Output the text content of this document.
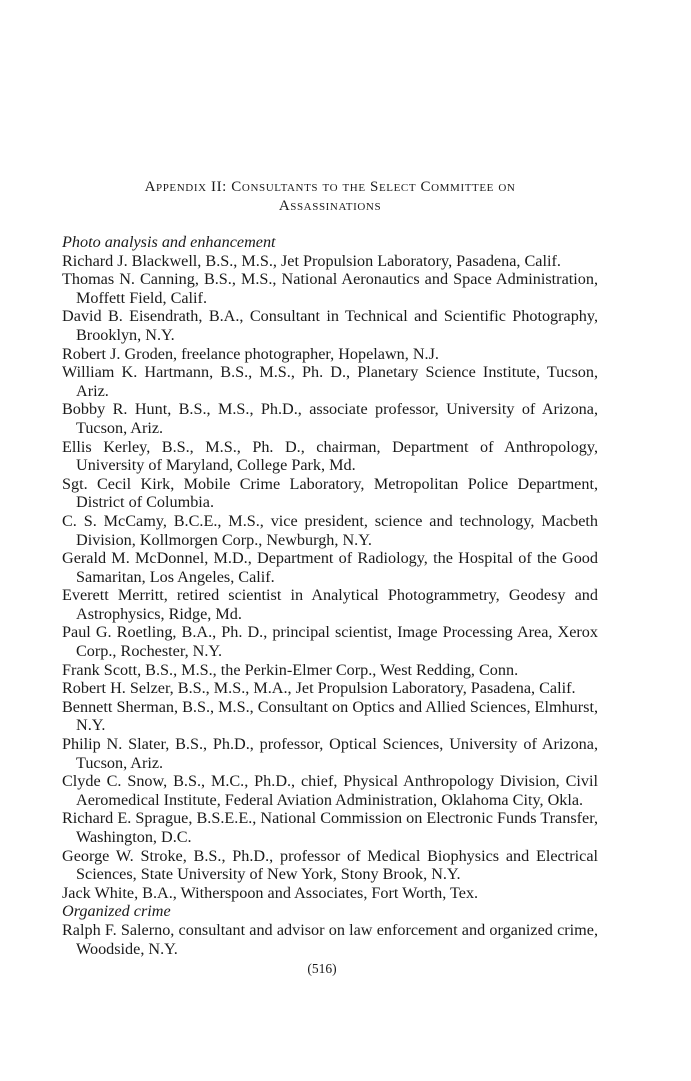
Appendix II: Consultants to the Select Committee on
Assassinations

Photo analysis and enhancement

Richard J. Blackwell, B.S., M.S., Jet Propulsion Laboratory, Pasadena, Calif.

Thomas N. Canning, B.S., M.S., National Aeronautics and Space Administration, Moffett Field, Calif.

David B. Eisendrath, B.A., Consultant in Technical and Scientific Photography, Brooklyn, N.Y.

Robert J. Groden, freelance photographer, Hopelawn, N.J.

William K. Hartmann, B.S., M.S., Ph. D., Planetary Science Institute, Tucson, Ariz.

Bobby R. Hunt, B.S., M.S., Ph.D., associate professor, University of Arizona, Tucson, Ariz.

Ellis Kerley, B.S., M.S., Ph. D., chairman, Department of Anthropology, University of Maryland, College Park, Md.

Sgt. Cecil Kirk, Mobile Crime Laboratory, Metropolitan Police Department, District of Columbia.

C. S. McCamy, B.C.E., M.S., vice president, science and technology, Macbeth Division, Kollmorgen Corp., Newburgh, N.Y.

Gerald M. McDonnel, M.D., Department of Radiology, the Hospital of the Good Samaritan, Los Angeles, Calif.

Everett Merritt, retired scientist in Analytical Photogrammetry, Geodesy and Astrophysics, Ridge, Md.

Paul G. Roetling, B.A., Ph. D., principal scientist, Image Processing Area, Xerox Corp., Rochester, N.Y.

Frank Scott, B.S., M.S., the Perkin-Elmer Corp., West Redding, Conn.

Robert H. Selzer, B.S., M.S., M.A., Jet Propulsion Laboratory, Pasadena, Calif.

Bennett Sherman, B.S., M.S., Consultant on Optics and Allied Sciences, Elmhurst, N.Y.

Philip N. Slater, B.S., Ph.D., professor, Optical Sciences, University of Arizona, Tucson, Ariz.

Clyde C. Snow, B.S., M.C., Ph.D., chief, Physical Anthropology Division, Civil Aeromedical Institute, Federal Aviation Administration, Oklahoma City, Okla.

Richard E. Sprague, B.S.E.E., National Commission on Electronic Funds Transfer, Washington, D.C.

George W. Stroke, B.S., Ph.D., professor of Medical Biophysics and Electrical Sciences, State University of New York, Stony Brook, N.Y.

Jack White, B.A., Witherspoon and Associates, Fort Worth, Tex.

Organized crime

Ralph F. Salerno, consultant and advisor on law enforcement and organized crime, Woodside, N.Y.

(516)
